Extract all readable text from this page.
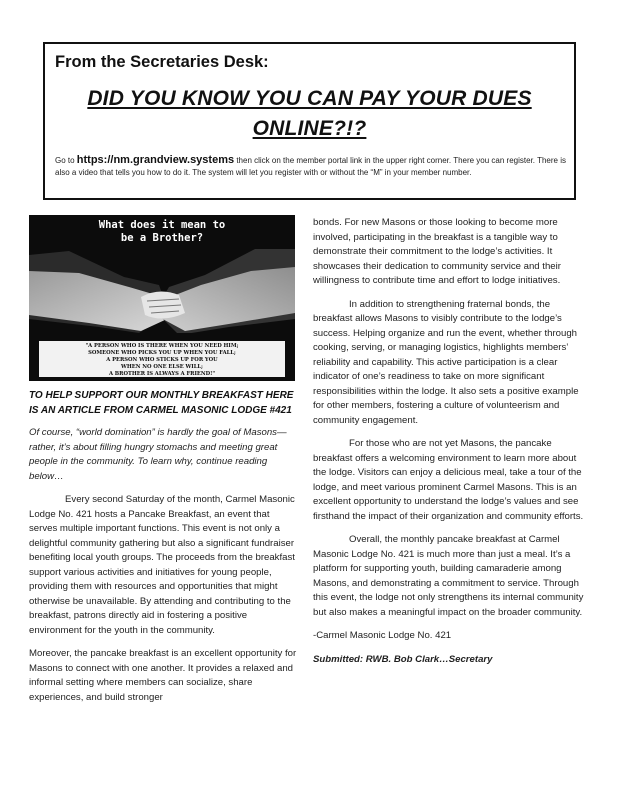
From the Secretaries Desk:
DID YOU KNOW YOU CAN PAY YOUR DUES
ONLINE?!?
Go to https://nm.grandview.systems then click on the member portal link in the upper right corner. There you can register. There is also a video that tells you how to do it. The system will let you register with or without the “M” in your member number.
What does it mean to
be a Brother?
"A PERSON WHO IS THERE WHEN YOU NEED HIM;
SOMEONE WHO PICKS YOU UP WHEN YOU FALL;
A PERSON WHO STICKS UP FOR YOU
WHEN NO ONE ELSE WILL;
A BROTHER IS ALWAYS A FRIEND!"
TO HELP SUPPORT OUR MONTHLY BREAKFAST HERE IS AN ARTICLE FROM CARMEL MASONIC LODGE #421

Of course, “world domination” is hardly the goal of Masons—rather, it’s about filling hungry stomachs and meeting great people in the community. To learn why, continue reading below…

Every second Saturday of the month, Carmel Masonic Lodge No. 421 hosts a Pancake Breakfast, an event that serves multiple important functions. This event is not only a delightful community gathering but also a significant fundraiser benefiting local youth groups. The proceeds from the breakfast support various activities and initiatives for young people, providing them with resources and opportunities that might otherwise be unavailable. By attending and contributing to the breakfast, patrons directly aid in fostering a positive environment for the youth in the community.

Moreover, the pancake breakfast is an excellent opportunity for Masons to connect with one another. It provides a relaxed and informal setting where members can socialize, share experiences, and build stronger

bonds. For new Masons or those looking to become more involved, participating in the breakfast is a tangible way to demonstrate their commitment to the lodge’s activities. It showcases their dedication to community service and their willingness to contribute time and effort to lodge initiatives.

In addition to strengthening fraternal bonds, the breakfast allows Masons to visibly contribute to the lodge’s success. Helping organize and run the event, whether through cooking, serving, or managing logistics, highlights members’ reliability and capability. This active participation is a clear indicator of one’s readiness to take on more significant responsibilities within the lodge. It also sets a positive example for other members, fostering a culture of volunteerism and community engagement.

For those who are not yet Masons, the pancake breakfast offers a welcoming environment to learn more about the lodge. Visitors can enjoy a delicious meal, take a tour of the lodge, and meet various prominent Carmel Masons. This is an excellent opportunity to understand the lodge’s values and see firsthand the impact of their organization and community efforts.

Overall, the monthly pancake breakfast at Carmel Masonic Lodge No. 421 is much more than just a meal. It’s a platform for supporting youth, building camaraderie among Masons, and demonstrating a commitment to service. Through this event, the lodge not only strengthens its internal community but also makes a meaningful impact on the broader community.

-Carmel Masonic Lodge No. 421

Submitted: RWB. Bob Clark…Secretary
